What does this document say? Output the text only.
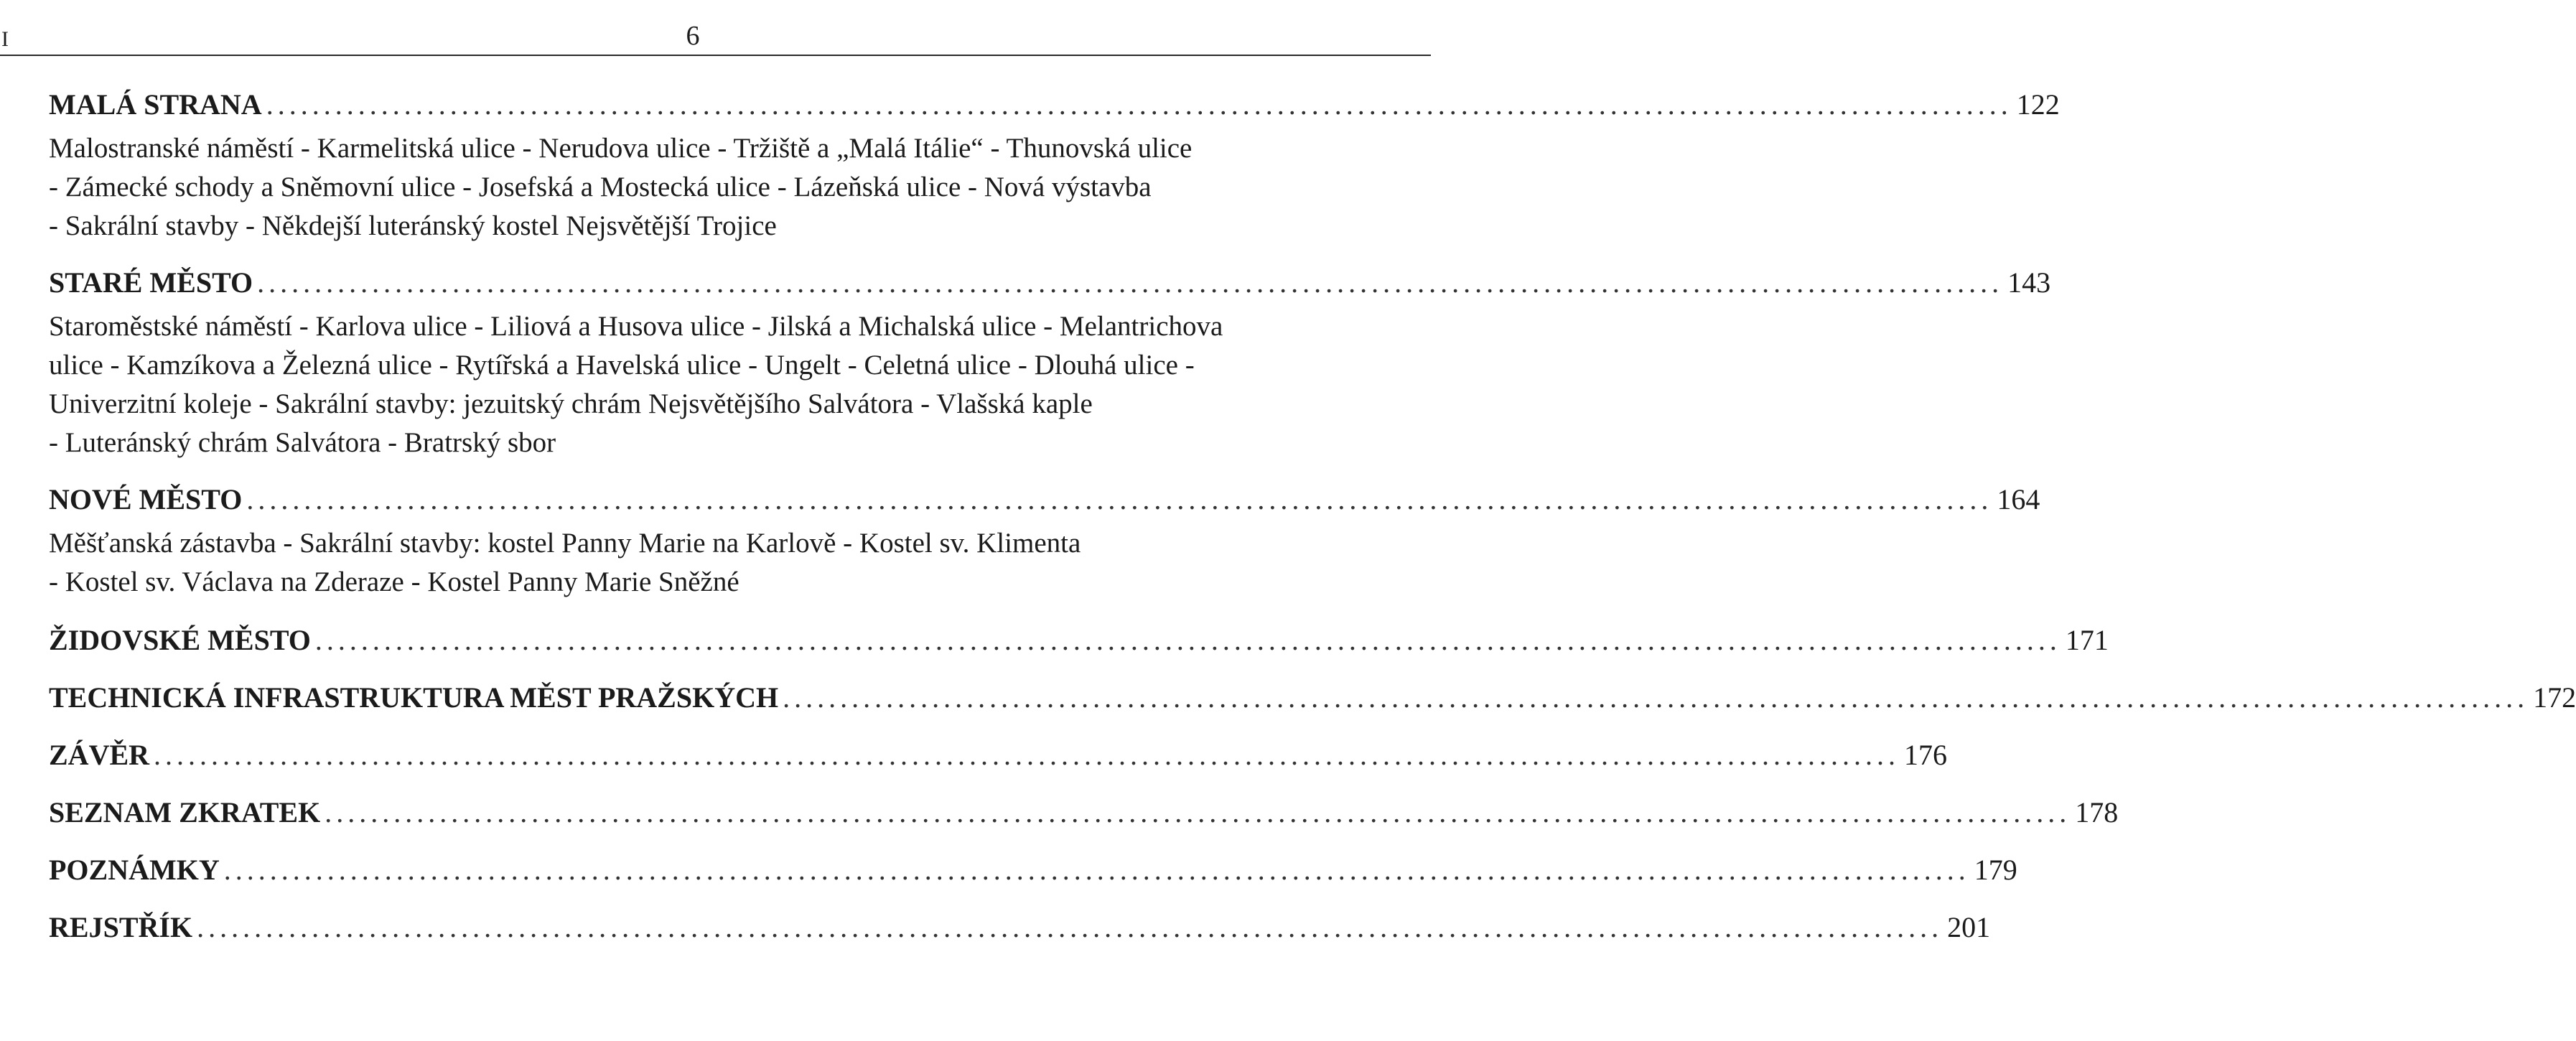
I	6
MALÁ STRANA ........................................................................................................................................................ 122
Malostranské náměstí - Karmelitská ulice - Nerudova ulice - Tržiště a „Malá Itálie“ - Thunovská ulice
- Zámecké schody a Sněmovní ulice - Josefská a Mostecká ulice - Lázeňská ulice - Nová výstavba
- Sakrální stavby - Někdejší luteránský kostel Nejsvětější Trojice
STARÉ MĚSTO ........................................................................................................................................................ 143
Staroměstské náměstí - Karlova ulice - Liliová a Husova ulice - Jilská a Michalská ulice - Melantrichova
ulice - Kamzíkova a Železná ulice - Rytířská a Havelská ulice - Ungelt - Celetná ulice - Dlouhá ulice -
Univerzitní koleje - Sakrální stavby: jezuitský chrám Nejsvětějšího Salvátora - Vlašská kaple
- Luteránský chrám Salvátora - Bratrský sbor
NOVÉ MĚSTO ........................................................................................................................................................ 164
Měšťanská zástavba - Sakrální stavby: kostel Panny Marie na Karlově - Kostel sv. Klimenta
- Kostel sv. Václava na Zderaze - Kostel Panny Marie Sněžné
ŽIDOVSKÉ MĚSTO ........................................................................................................................................................ 171
TECHNICKÁ INFRASTRUKTURA MĚST PRAŽSKÝCH ........................................................................................................................................................ 172
ZÁVĚR ........................................................................................................................................................ 176
SEZNAM ZKRATEK ........................................................................................................................................................ 178
POZNÁMKY ........................................................................................................................................................ 179
REJSTŘÍK ........................................................................................................................................................ 201
